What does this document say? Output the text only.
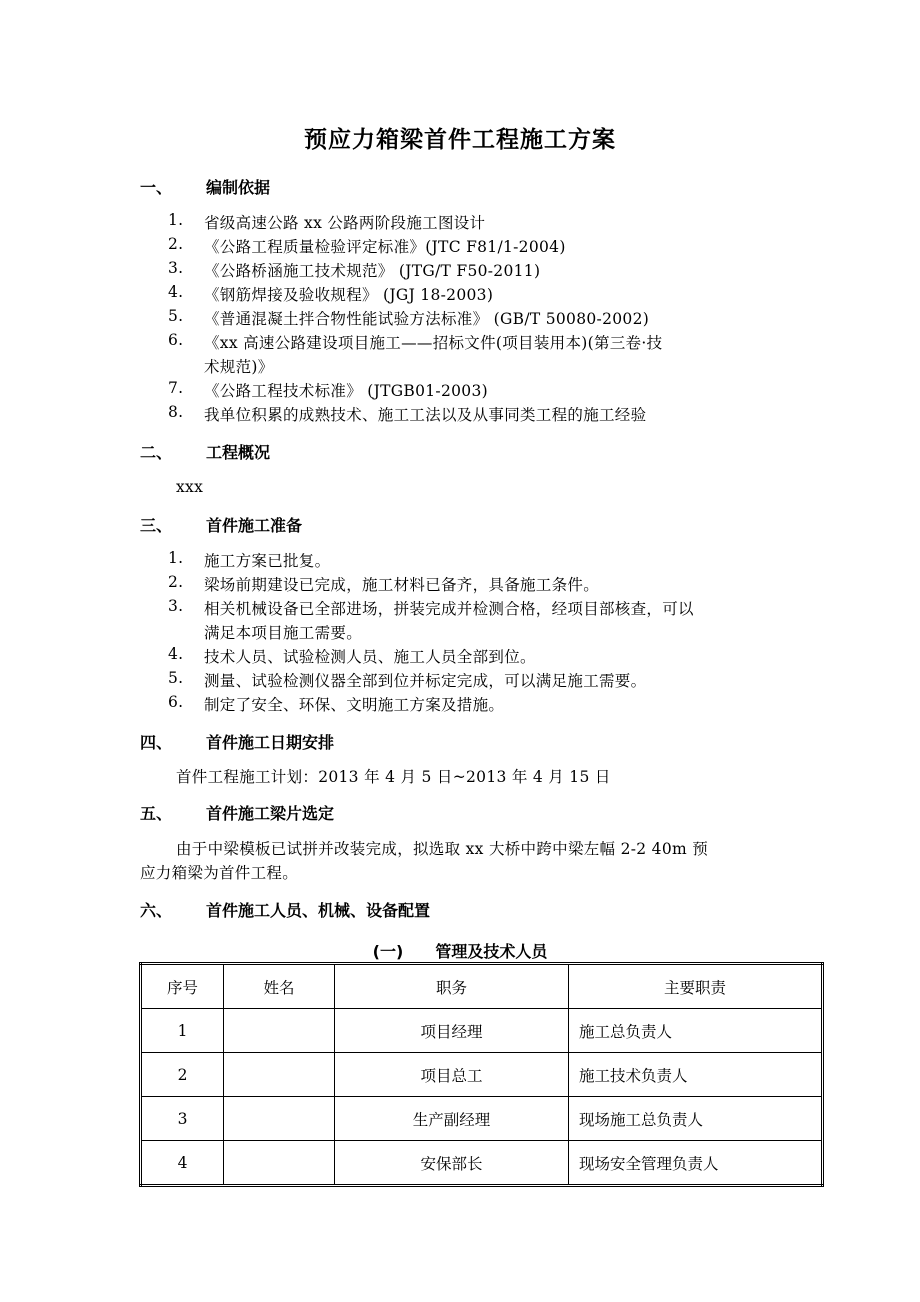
预应力箱梁首件工程施工方案
一、 编制依据
1. 省级高速公路 xx 公路两阶段施工图设计
2. 《公路工程质量检验评定标准》(JTC F81/1-2004)
3. 《公路桥涵施工技术规范》 (JTG/T F50-2011)
4. 《钢筋焊接及验收规程》 (JGJ 18-2003)
5. 《普通混凝土拌合物性能试验方法标准》 (GB/T 50080-2002)
6. 《xx 高速公路建设项目施工——招标文件(项目装用本)(第三卷·技
术规范)》
7. 《公路工程技术标准》 (JTGB01-2003)
8. 我单位积累的成熟技术、施工工法以及从事同类工程的施工经验
二、 工程概况
xxx
三、 首件施工准备
1. 施工方案已批复。
2. 梁场前期建设已完成，施工材料已备齐，具备施工条件。
3. 相关机械设备已全部进场，拼装完成并检测合格，经项目部核查，可以
满足本项目施工需要。
4. 技术人员、试验检测人员、施工人员全部到位。
5. 测量、试验检测仪器全部到位并标定完成，可以满足施工需要。
6. 制定了安全、环保、文明施工方案及措施。
四、 首件施工日期安排
首件工程施工计划：2013 年 4 月 5 日~2013 年 4 月 15 日
五、 首件施工梁片选定
由于中梁模板已试拼并改装完成，拟选取 xx 大桥中跨中梁左幅 2-2 40m 预
应力箱梁为首件工程。
六、 首件施工人员、机械、设备配置
(一) 管理及技术人员
序号	姓名	职务	主要职责
1		项目经理	施工总负责人
2		项目总工	施工技术负责人
3		生产副经理	现场施工总负责人
4		安保部长	现场安全管理负责人
